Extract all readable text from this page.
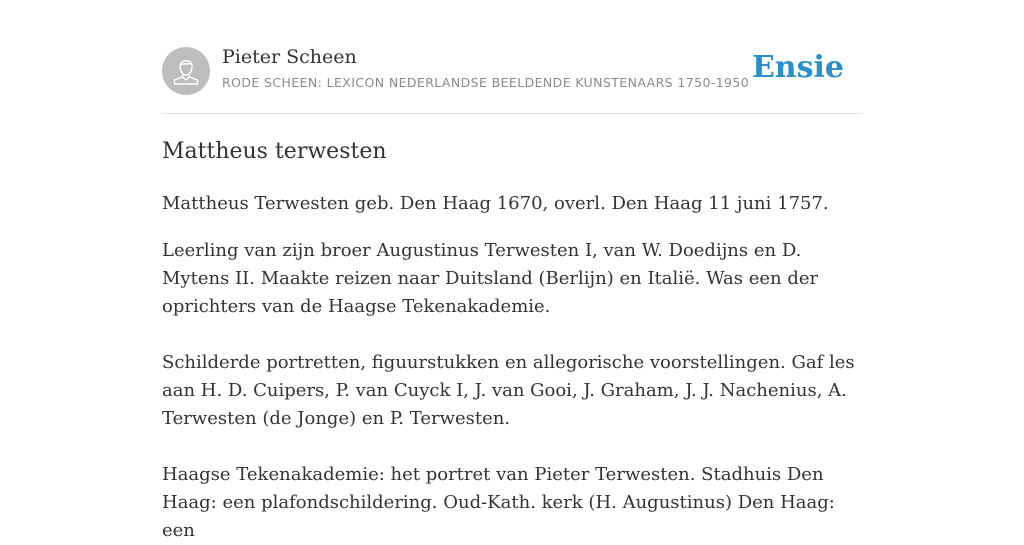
Pieter Scheen
RODE SCHEEN: LEXICON NEDERLANDSE BEELDENDE KUNSTENAARS 1750-1950 Ensie
Mattheus terwesten

Mattheus Terwesten geb. Den Haag 1670, overl. Den Haag 11 juni 1757.

Leerling van zijn broer Augustinus Terwesten I, van W. Doedijns en D. Mytens II. Maakte reizen naar Duitsland (Berlijn) en Italië. Was een der oprichters van de Haagse Tekenakademie.

Schilderde portretten, figuurstukken en allegorische voorstellingen. Gaf les aan H. D. Cuipers, P. van Cuyck I, J. van Gooi, J. Graham, J. J. Nachenius, A. Terwesten (de Jonge) en P. Terwesten.

Haagse Tekenakademie: het portret van Pieter Terwesten. Stadhuis Den Haag: een plafondschildering. Oud-Kath. kerk (H. Augustinus) Den Haag: een
